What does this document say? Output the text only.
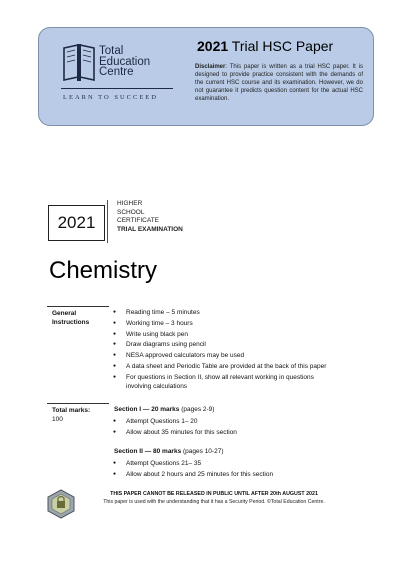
Total
Education
Centre
LEARN TO SUCCEED
2021 Trial HSC Paper
Disclaimer: This paper is written as a trial HSC paper. It is designed to provide practice consistent with the demands of the current HSC course and its examination. However, we do not guarantee it predicts question content for the actual HSC examination.
2021
HIGHER
SCHOOL
CERTIFICATE
TRIAL EXAMINATION
Chemistry
General
Instructions
● Reading time – 5 minutes
● Working time – 3 hours
● Write using black pen
● Draw diagrams using pencil
● NESA approved calculators may be used
● A data sheet and Periodic Table are provided at the back of this paper
● For questions in Section II, show all relevant working in questions involving calculations
Total marks:
100
Section I — 20 marks (pages 2-9)
● Attempt Questions 1– 20
● Allow about 35 minutes for this section
Section II — 80 marks (pages 10-27)
● Attempt Questions 21– 35
● Allow about 2 hours and 25 minutes for this section
THIS PAPER CANNOT BE RELEASED IN PUBLIC UNTIL AFTER 20th AUGUST 2021
This paper is used with the understanding that it has a Security Period. ©Total Education Centre.
